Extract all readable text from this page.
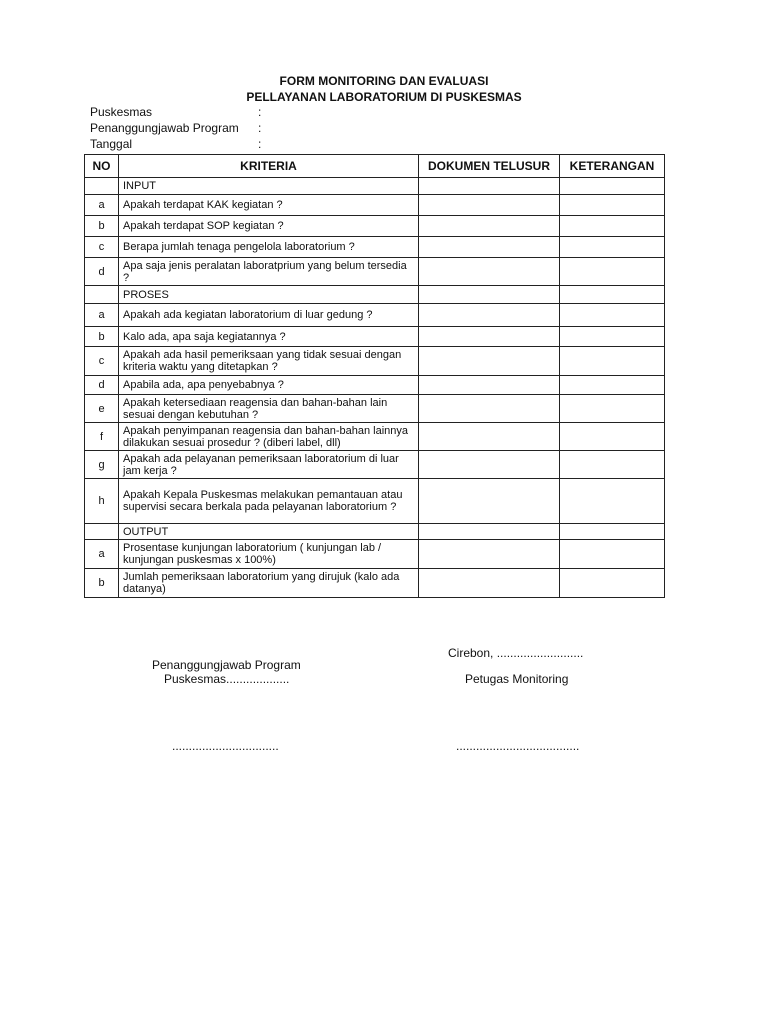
FORM MONITORING DAN EVALUASI
PELLAYANAN LABORATORIUM DI PUSKESMAS
Puskesmas	:
Penanggungjawab Program :
Tanggal	:
NO	KRITERIA	DOKUMEN TELUSUR	KETERANGAN
	INPUT		
a	Apakah terdapat KAK kegiatan ?		
b	Apakah terdapat SOP kegiatan ?		
c	Berapa jumlah tenaga pengelola laboratorium ?		
d	Apa saja jenis peralatan laboratprium yang belum tersedia ?		
	PROSES		
a	Apakah ada kegiatan laboratorium di luar gedung ?		
b	Kalo ada, apa saja kegiatannya ?		
c	Apakah ada hasil pemeriksaan yang tidak sesuai dengan kriteria waktu yang ditetapkan ?		
d	Apabila ada, apa penyebabnya ?		
e	Apakah ketersediaan reagensia dan bahan-bahan lain sesuai dengan kebutuhan ?		
f	Apakah penyimpanan reagensia dan bahan-bahan lainnya dilakukan sesuai prosedur ? (diberi label, dll)		
g	Apakah ada pelayanan pemeriksaan laboratorium di luar jam kerja ?		
h	Apakah Kepala Puskesmas melakukan pemantauan atau supervisi secara berkala pada pelayanan laboratorium ?		
	OUTPUT		
a	Prosentase kunjungan laboratorium ( kunjungan lab / kunjungan puskesmas x 100%)		
b	Jumlah pemeriksaan laboratorium yang dirujuk (kalo ada datanya)		
Cirebon, ..........................
Penanggungjawab Program
Puskesmas...................	Petugas Monitoring
................................	.....................................
